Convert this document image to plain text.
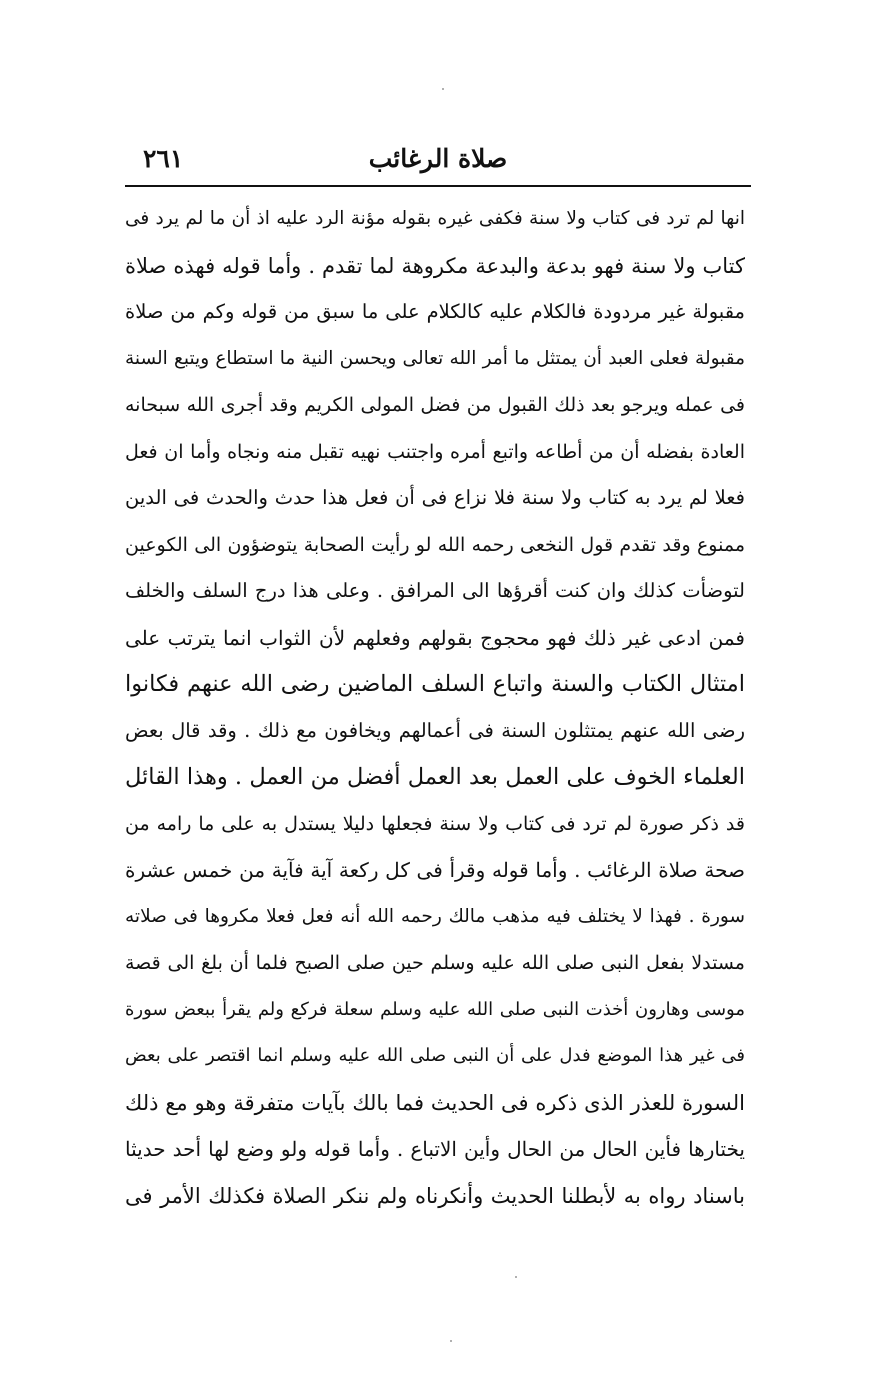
صلاة الرغائب
٢٦١
انها لم ترد فى كتاب ولا سنة فكفى غيره بقوله مؤنة الرد عليه اذ أن ما لم يرد فى
كتاب ولا سنة فهو بدعة والبدعة مكروهة لما تقدم . وأما قوله فهذه صلاة
مقبولة غير مردودة فالكلام عليه كالكلام على ما سبق من قوله وكم من صلاة
مقبولة فعلى العبد أن يمتثل ما أمر الله تعالى ويحسن النية ما استطاع ويتبع السنة
فى عمله ويرجو بعد ذلك القبول من فضل المولى الكريم وقد أجرى الله سبحانه
العادة بفضله أن من أطاعه واتبع أمره واجتنب نهيه تقبل منه ونجاه وأما ان فعل
فعلا لم يرد به كتاب ولا سنة فلا نزاع فى أن فعل هذا حدث والحدث فى الدين
ممنوع وقد تقدم قول النخعى رحمه الله لو رأيت الصحابة يتوضؤون الى الكوعين
لتوضأت كذلك وان كنت أقرؤها الى المرافق . وعلى هذا درج السلف والخلف
فمن ادعى غير ذلك فهو محجوج بقولهم وفعلهم لأن الثواب انما يترتب على
امتثال الكتاب والسنة واتباع السلف الماضين رضى الله عنهم فكانوا
رضى الله عنهم يمتثلون السنة فى أعمالهم ويخافون مع ذلك . وقد قال بعض
العلماء الخوف على العمل بعد العمل أفضل من العمل . وهذا القائل
قد ذكر صورة لم ترد فى كتاب ولا سنة فجعلها دليلا يستدل به على ما رامه من
صحة صلاة الرغائب . وأما قوله وقرأ فى كل ركعة آية فآية من خمس عشرة
سورة . فهذا لا يختلف فيه مذهب مالك رحمه الله أنه فعل فعلا مكروها فى صلاته
مستدلا بفعل النبى صلى الله عليه وسلم حين صلى الصبح فلما أن بلغ الى قصة
موسى وهارون أخذت النبى صلى الله عليه وسلم سعلة فركع ولم يقرأ ببعض سورة
فى غير هذا الموضع فدل على أن النبى صلى الله عليه وسلم انما اقتصر على بعض
السورة للعذر الذى ذكره فى الحديث فما بالك بآيات متفرقة وهو مع ذلك
يختارها فأين الحال من الحال وأين الاتباع . وأما قوله ولو وضع لها أحد حديثا
باسناد رواه به لأبطلنا الحديث وأنكرناه ولم ننكر الصلاة فكذلك الأمر فى
